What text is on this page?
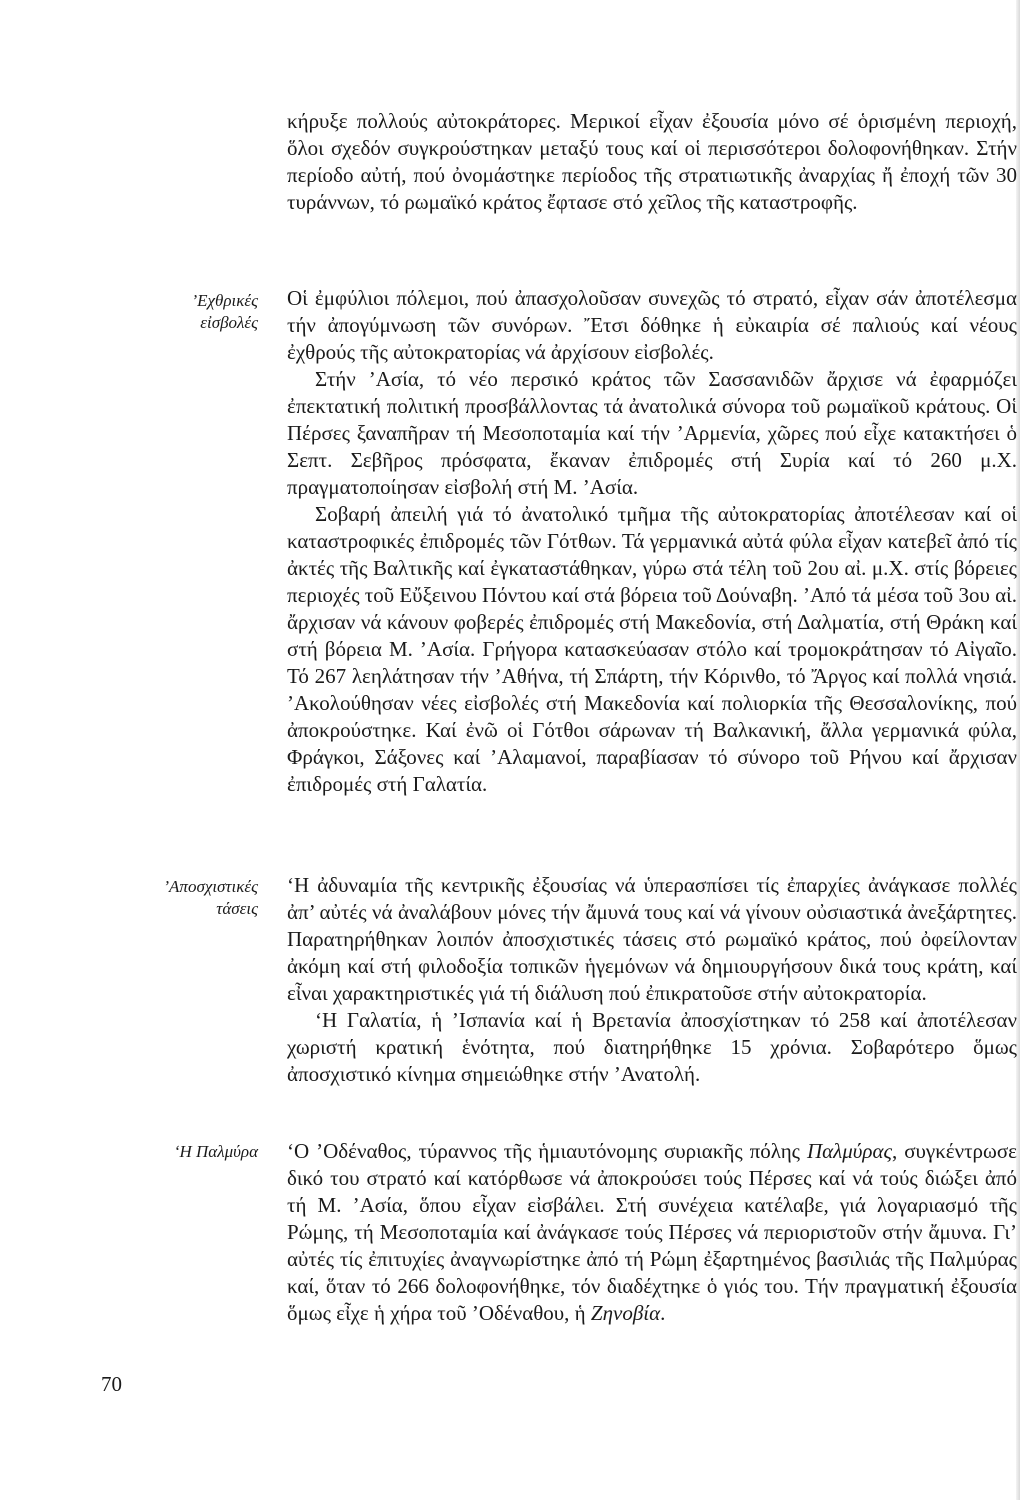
’Εχθρικές
εἰσβολές
’Αποσχιστικές
τάσεις
‘Η Παλμύρα

κήρυξε πολλούς αὐτοκράτορες. Μερικοί εἶχαν ἐξουσία μόνο σέ ὁρισμένη περιοχή, ὅλοι σχεδόν συγκρούστηκαν μεταξύ τους καί οἱ περισσότεροι δολοφονήθηκαν. Στήν περίοδο αὐτή, πού ὀνομάστηκε περίοδος τῆς στρατιωτικῆς ἀναρχίας ἤ ἐποχή τῶν 30 τυράννων, τό ρωμαϊκό κράτος ἔφτασε στό χεῖλος τῆς καταστροφῆς.

Οἱ ἐμφύλιοι πόλεμοι, πού ἀπασχολοῦσαν συνεχῶς τό στρατό, εἶχαν σάν ἀποτέλεσμα τήν ἀπογύμνωση τῶν συνόρων. Ἔτσι δόθηκε ἡ εὐκαιρία σέ παλιούς καί νέους ἐχθρούς τῆς αὐτοκρατορίας νά ἀρχίσουν εἰσβολές.

Στήν ’Ασία, τό νέο περσικό κράτος τῶν Σασσανιδῶν ἄρχισε νά ἐφαρμόζει ἐπεκτατική πολιτική προσβάλλοντας τά ἀνατολικά σύνορα τοῦ ρωμαϊκοῦ κράτους. Οἱ Πέρσες ξαναπῆραν τή Μεσοποταμία καί τήν ’Αρμενία, χῶρες πού εἶχε κατακτήσει ὁ Σεπτ. Σεβῆρος πρόσφατα, ἔκαναν ἐπιδρομές στή Συρία καί τό 260 μ.Χ. πραγματοποίησαν εἰσβολή στή Μ. ’Ασία.

Σοβαρή ἀπειλή γιά τό ἀνατολικό τμῆμα τῆς αὐτοκρατορίας ἀποτέλεσαν καί οἱ καταστροφικές ἐπιδρομές τῶν Γότθων. Τά γερμανικά αὐτά φύλα εἶχαν κατεβεῖ ἀπό τίς ἀκτές τῆς Βαλτικῆς καί ἐγκαταστάθηκαν, γύρω στά τέλη τοῦ 2ου αἰ. μ.Χ. στίς βόρειες περιοχές τοῦ Εὔξεινου Πόντου καί στά βόρεια τοῦ Δούναβη. ’Από τά μέσα τοῦ 3ου αἰ. ἄρχισαν νά κάνουν φοβερές ἐπιδρομές στή Μακεδονία, στή Δαλματία, στή Θράκη καί στή βόρεια Μ. ’Ασία. Γρήγορα κατασκεύασαν στόλο καί τρομοκράτησαν τό Αἰγαῖο. Τό 267 λεηλάτησαν τήν ’Αθήνα, τή Σπάρτη, τήν Κόρινθο, τό Ἄργος καί πολλά νησιά. ’Ακολούθησαν νέες εἰσβολές στή Μακεδονία καί πολιορκία τῆς Θεσσαλονίκης, πού ἀποκρούστηκε. Καί ἐνῶ οἱ Γότθοι σάρωναν τή Βαλκανική, ἄλλα γερμανικά φύλα, Φράγκοι, Σάξονες καί ’Αλαμανοί, παραβίασαν τό σύνορο τοῦ Ρήνου καί ἄρχισαν ἐπιδρομές στή Γαλατία.

‘Η ἀδυναμία τῆς κεντρικῆς ἐξουσίας νά ὑπερασπίσει τίς ἐπαρχίες ἀνάγκασε πολλές ἀπ’ αὐτές νά ἀναλάβουν μόνες τήν ἄμυνά τους καί νά γίνουν οὐσιαστικά ἀνεξάρτητες. Παρατηρήθηκαν λοιπόν ἀποσχιστικές τάσεις στό ρωμαϊκό κράτος, πού ὀφείλονταν ἀκόμη καί στή φιλοδοξία τοπικῶν ἡγεμόνων νά δημιουργήσουν δικά τους κράτη, καί εἶναι χαρακτηριστικές γιά τή διάλυση πού ἐπικρατοῦσε στήν αὐτοκρατορία.

‘Η Γαλατία, ἡ ’Ισπανία καί ἡ Βρετανία ἀποσχίστηκαν τό 258 καί ἀποτέλεσαν χωριστή κρατική ἑνότητα, πού διατηρήθηκε 15 χρόνια. Σοβαρότερο ὅμως ἀποσχιστικό κίνημα σημειώθηκε στήν ’Ανατολή.

‘Ο ’Οδέναθος, τύραννος τῆς ἡμιαυτόνομης συριακῆς πόλης Παλμύρας, συγκέντρωσε δικό του στρατό καί κατόρθωσε νά ἀποκρούσει τούς Πέρσες καί νά τούς διώξει ἀπό τή Μ. ’Ασία, ὅπου εἶχαν εἰσβάλει. Στή συνέχεια κατέλαβε, γιά λογαριασμό τῆς Ρώμης, τή Μεσοποταμία καί ἀνάγκασε τούς Πέρσες νά περιοριστοῦν στήν ἄμυνα. Γι’ αὐτές τίς ἐπιτυχίες ἀναγνωρίστηκε ἀπό τή Ρώμη ἐξαρτημένος βασιλιάς τῆς Παλμύρας καί, ὅταν τό 266 δολοφονήθηκε, τόν διαδέχτηκε ὁ γιός του. Τήν πραγματική ἐξουσία ὅμως εἶχε ἡ χήρα τοῦ ’Οδέναθου, ἡ Ζηνοβία.

70
